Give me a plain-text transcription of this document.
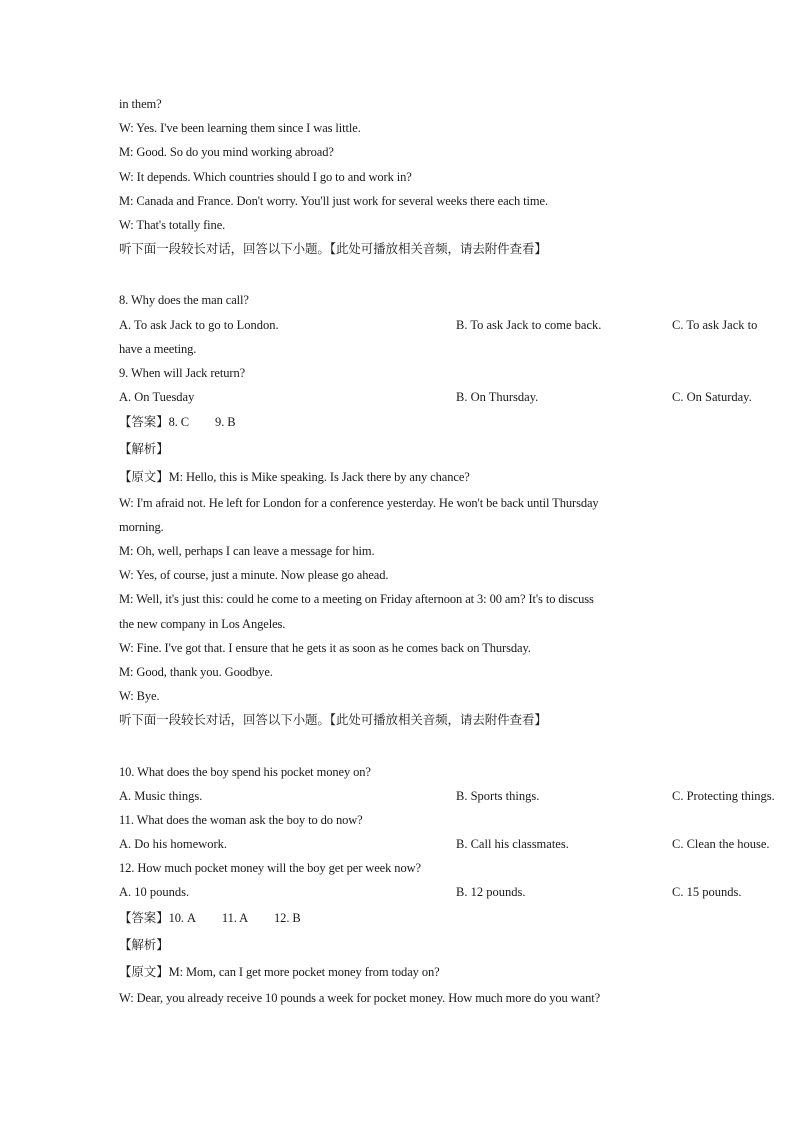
in them?
W: Yes. I've been learning them since I was little.
M: Good. So do you mind working abroad?
W: It depends. Which countries should I go to and work in?
M: Canada and France. Don't worry. You'll just work for several weeks there each time.
W: That's totally fine.
听下面一段较长对话，回答以下小题。【此处可播放相关音频，请去附件查看】
8. Why does the man call?
A. To ask Jack to go to London.	B. To ask Jack to come back.	C. To ask Jack to
have a meeting.
9. When will Jack return?
A. On Tuesday	B. On Thursday.	C. On Saturday.
【答案】8. C 9. B
【解析】
【原文】M: Hello, this is Mike speaking. Is Jack there by any chance?
W: I'm afraid not. He left for London for a conference yesterday. He won't be back until Thursday
morning.
M: Oh, well, perhaps I can leave a message for him.
W: Yes, of course, just a minute. Now please go ahead.
M: Well, it's just this: could he come to a meeting on Friday afternoon at 3: 00 am? It's to discuss
the new company in Los Angeles.
W: Fine. I've got that. I ensure that he gets it as soon as he comes back on Thursday.
M: Good, thank you. Goodbye.
W: Bye.
听下面一段较长对话，回答以下小题。【此处可播放相关音频，请去附件查看】
10. What does the boy spend his pocket money on?
A. Music things.	B. Sports things.	C. Protecting things.
11. What does the woman ask the boy to do now?
A. Do his homework.	B. Call his classmates.	C. Clean the house.
12. How much pocket money will the boy get per week now?
A. 10 pounds.	B. 12 pounds.	C. 15 pounds.
【答案】10. A 11. A 12. B
【解析】
【原文】M: Mom, can I get more pocket money from today on?
W: Dear, you already receive 10 pounds a week for pocket money. How much more do you want?
